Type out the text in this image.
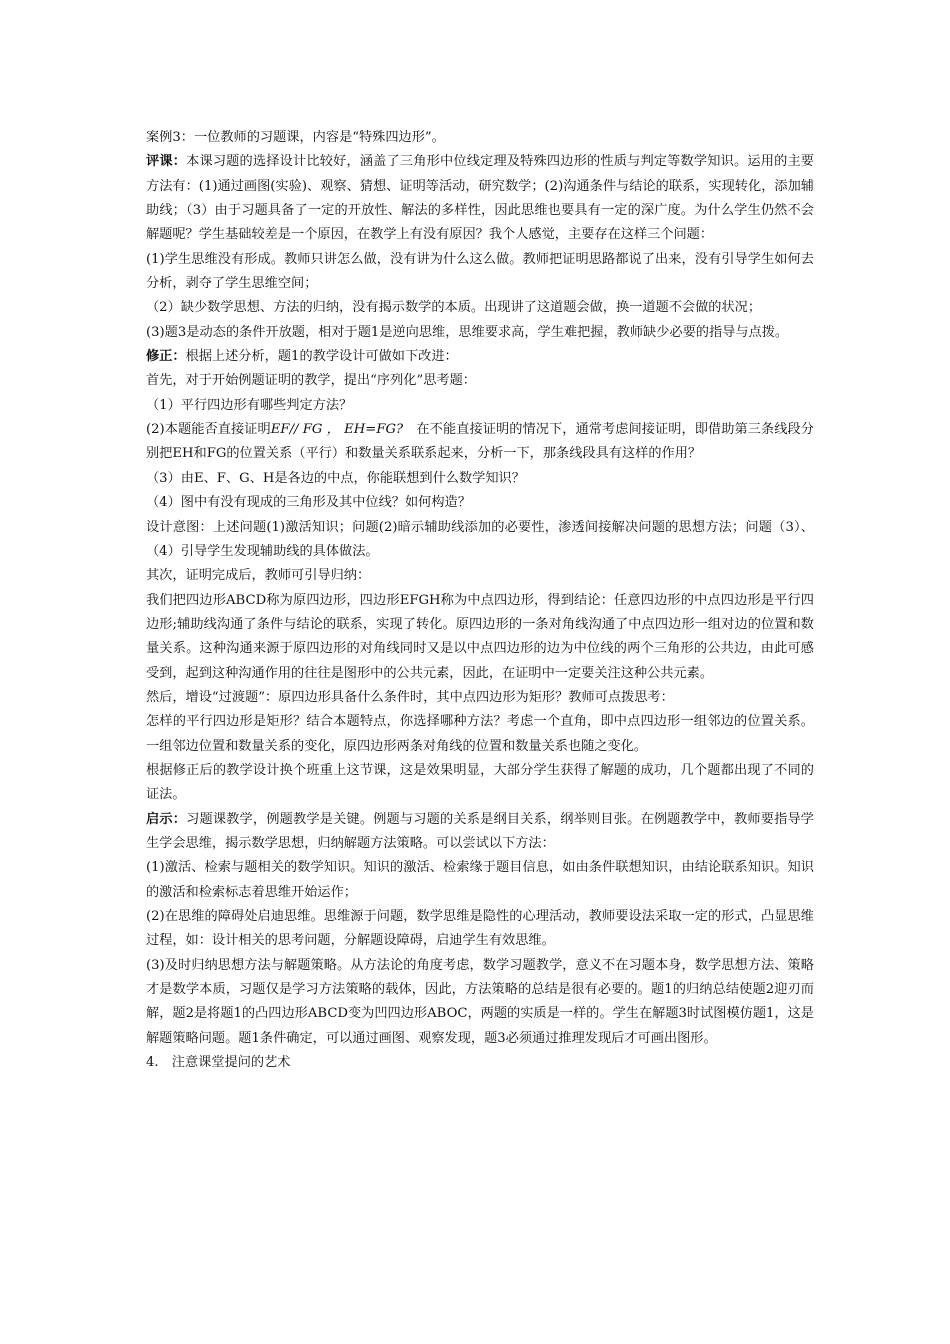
案例3：一位教师的习题课，内容是“特殊四边形”。

评课：本课习题的选择设计比较好，涵盖了三角形中位线定理及特殊四边形的性质与判定等数学知识。运用的主要方法有：(1)通过画图(实验)、观察、猜想、证明等活动，研究数学；(2)沟通条件与结论的联系，实现转化，添加辅助线；（3）由于习题具备了一定的开放性、解法的多样性，因此思维也要具有一定的深广度。为什么学生仍然不会解题呢？学生基础较差是一个原因，在教学上有没有原因？我个人感觉，主要存在这样三个问题：

(1)学生思维没有形成。教师只讲怎么做，没有讲为什么这么做。教师把证明思路都说了出来，没有引导学生如何去分析，剥夺了学生思维空间；

（2）缺少数学思想、方法的归纳，没有揭示数学的本质。出现讲了这道题会做，换一道题不会做的状况；

(3)题3是动态的条件开放题，相对于题1是逆向思维，思维要求高，学生难把握，教师缺少必要的指导与点拨。

修正：根据上述分析，题1的教学设计可做如下改进：

首先，对于开始例题证明的教学，提出“序列化”思考题：

（1）平行四边形有哪些判定方法？

(2)本题能否直接证明EF// FG ， EH=FG?　在不能直接证明的情况下，通常考虑间接证明，即借助第三条线段分别把EH和FG的位置关系（平行）和数量关系联系起来，分析一下，那条线段具有这样的作用？

（3）由E、F、G、H是各边的中点，你能联想到什么数学知识？

（4）图中有没有现成的三角形及其中位线？如何构造？

设计意图：上述问题(1)激活知识；问题(2)暗示辅助线添加的必要性，渗透间接解决问题的思想方法；问题（3）、（4）引导学生发现辅助线的具体做法。

其次，证明完成后，教师可引导归纳：

我们把四边形ABCD称为原四边形，四边形EFGH称为中点四边形，得到结论：任意四边形的中点四边形是平行四边形;辅助线沟通了条件与结论的联系，实现了转化。原四边形的一条对角线沟通了中点四边形一组对边的位置和数量关系。这种沟通来源于原四边形的对角线同时又是以中点四边形的边为中位线的两个三角形的公共边，由此可感受到，起到这种沟通作用的往往是图形中的公共元素，因此，在证明中一定要关注这种公共元素。

然后，增设“过渡题”：原四边形具备什么条件时，其中点四边形为矩形？教师可点拨思考：

怎样的平行四边形是矩形？结合本题特点，你选择哪种方法？考虑一个直角，即中点四边形一组邻边的位置关系。一组邻边位置和数量关系的变化，原四边形两条对角线的位置和数量关系也随之变化。

根据修正后的教学设计换个班重上这节课，这是效果明显，大部分学生获得了解题的成功，几个题都出现了不同的证法。

启示：习题课教学，例题教学是关键。例题与习题的关系是纲目关系，纲举则目张。在例题教学中，教师要指导学生学会思维，揭示数学思想，归纳解题方法策略。可以尝试以下方法：

(1)激活、检索与题相关的数学知识。知识的激活、检索缘于题目信息，如由条件联想知识，由结论联系知识。知识的激活和检索标志着思维开始运作；

(2)在思维的障碍处启迪思维。思维源于问题，数学思维是隐性的心理活动，教师要设法采取一定的形式，凸显思维过程，如：设计相关的思考问题，分解题设障碍，启迪学生有效思维。

(3)及时归纳思想方法与解题策略。从方法论的角度考虑，数学习题教学，意义不在习题本身，数学思想方法、策略才是数学本质，习题仅是学习方法策略的载体，因此，方法策略的总结是很有必要的。题1的归纳总结使题2迎刃而解，题2是将题1的凸四边形ABCD变为凹四边形ABOC，两题的实质是一样的。学生在解题3时试图模仿题1，这是解题策略问题。题1条件确定，可以通过画图、观察发现，题3必须通过推理发现后才可画出图形。

4.　注意课堂提问的艺术
